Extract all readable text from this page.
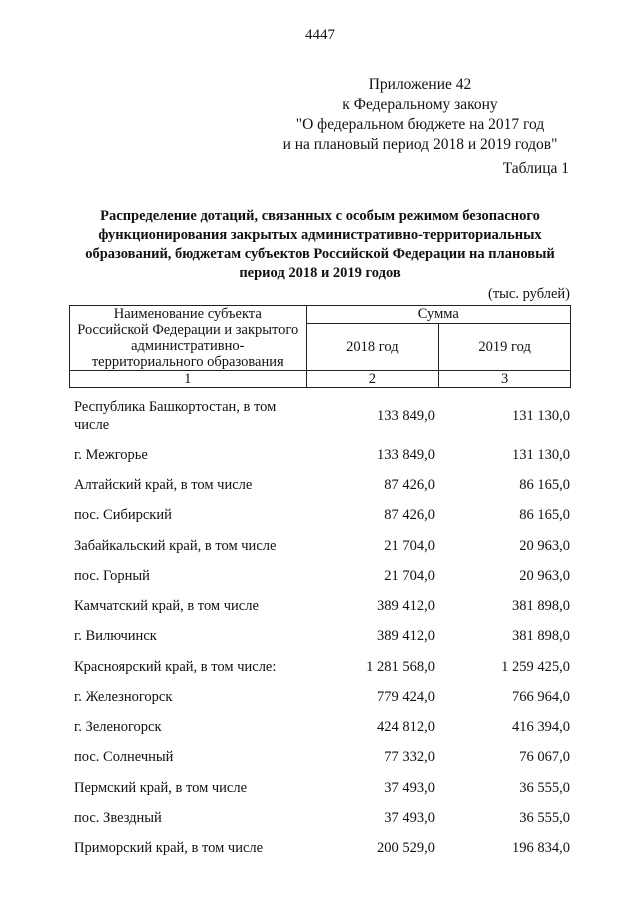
4447
Приложение 42
к Федеральному закону
"О федеральном бюджете на 2017 год
и на плановый период 2018 и 2019 годов"
Таблица 1
Распределение дотаций, связанных с особым режимом безопасного
функционирования закрытых административно-территориальных
образований, бюджетам субъектов Российской Федерации на плановый
период 2018 и 2019 годов
(тыс. рублей)
Наименование субъекта
Российской Федерации и закрытого
административно-
территориального образования	Сумма	
	2018 год	2019 год
1	2	3
Республика Башкортостан, в том
числе
133 849,0	131 130,0
г. Межгорье	133 849,0	131 130,0
Алтайский край, в том числе	87 426,0	86 165,0
пос. Сибирский	87 426,0	86 165,0
Забайкальский край, в том числе	21 704,0	20 963,0
пос. Горный	21 704,0	20 963,0
Камчатский край, в том числе	389 412,0	381 898,0
г. Вилючинск	389 412,0	381 898,0
Красноярский край, в том числе:	1 281 568,0	1 259 425,0
г. Железногорск	779 424,0	766 964,0
г. Зеленогорск	424 812,0	416 394,0
пос. Солнечный	77 332,0	76 067,0
Пермский край, в том числе	37 493,0	36 555,0
пос. Звездный	37 493,0	36 555,0
Приморский край, в том числе	200 529,0	196 834,0
